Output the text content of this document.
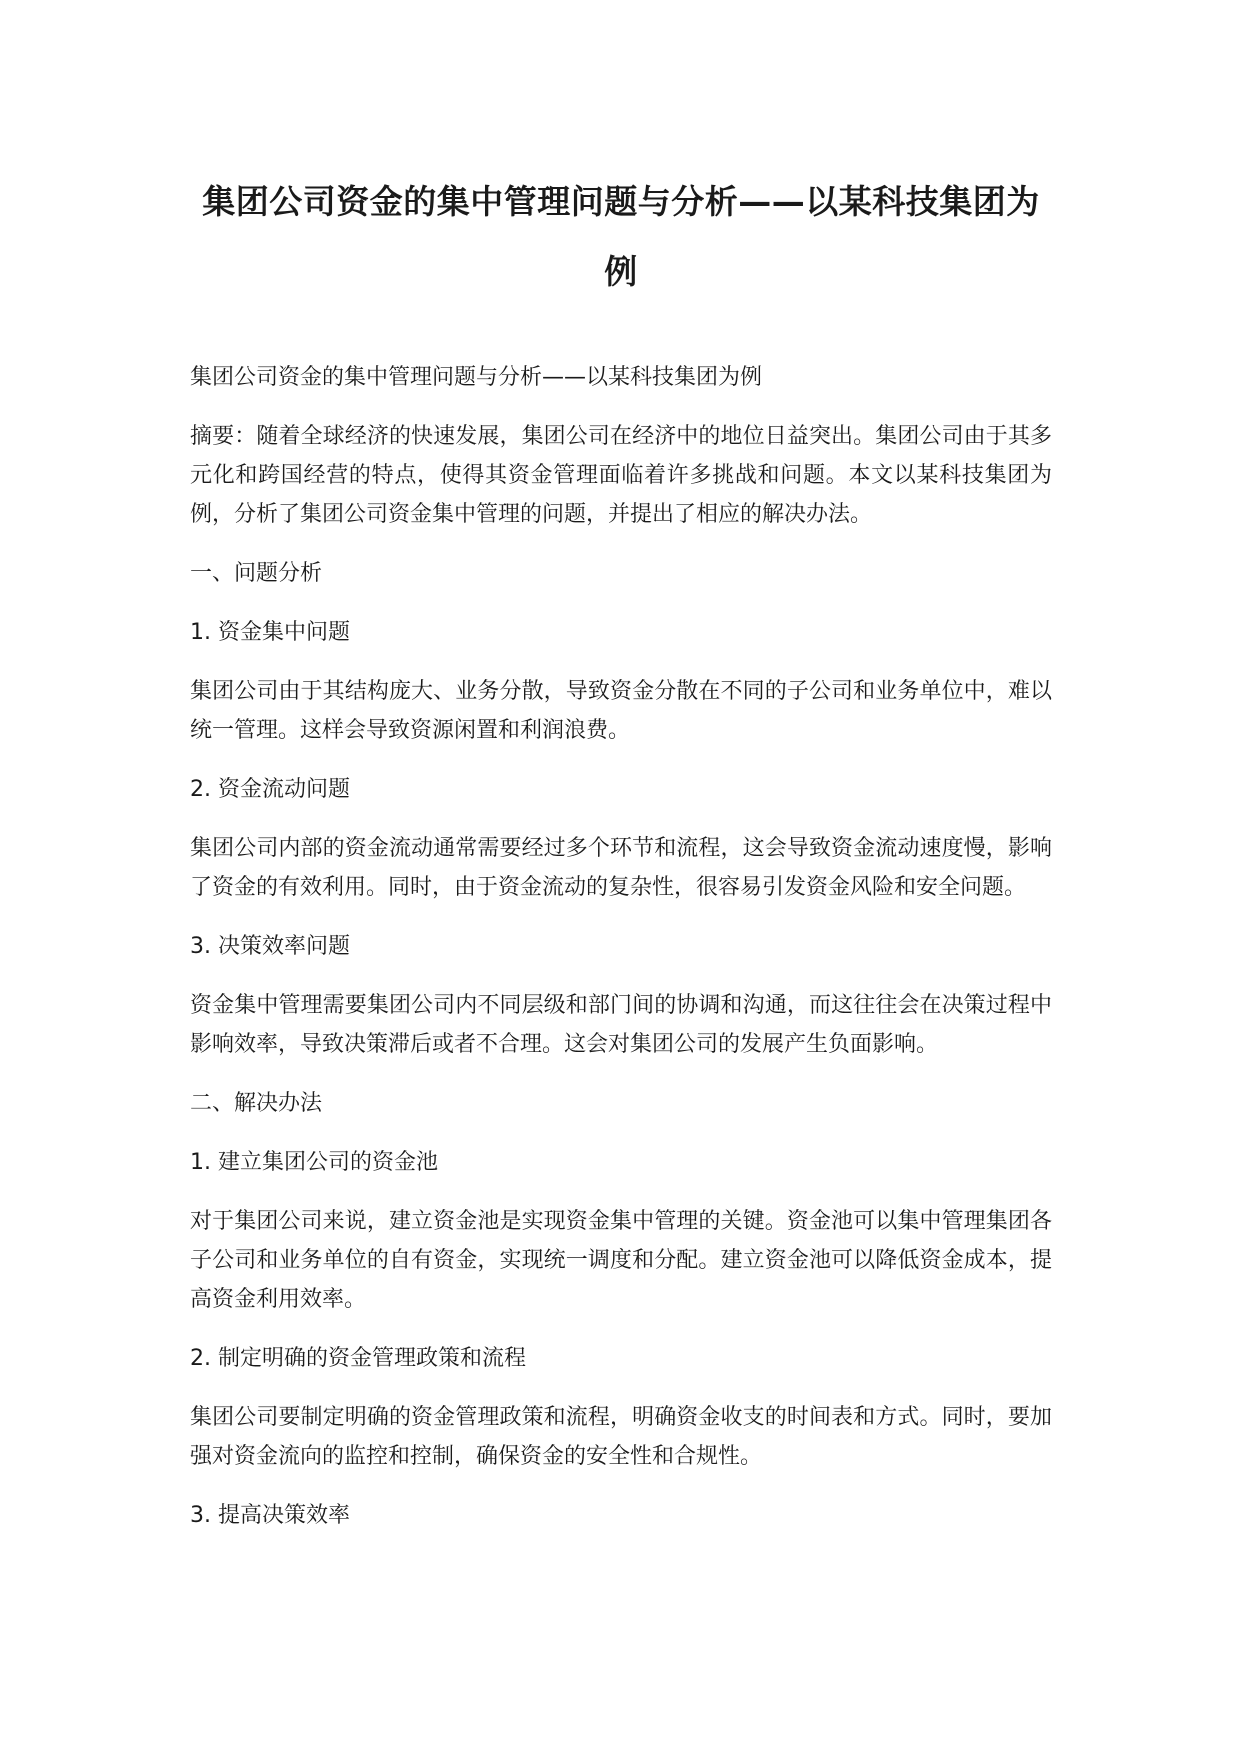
集团公司资金的集中管理问题与分析——以某科技集团为
例

集团公司资金的集中管理问题与分析——以某科技集团为例

摘要：随着全球经济的快速发展，集团公司在经济中的地位日益突出。集团公司由于其多元化和跨国经营的特点，使得其资金管理面临着许多挑战和问题。本文以某科技集团为例，分析了集团公司资金集中管理的问题，并提出了相应的解决办法。

一、问题分析

1. 资金集中问题

集团公司由于其结构庞大、业务分散，导致资金分散在不同的子公司和业务单位中，难以统一管理。这样会导致资源闲置和利润浪费。

2. 资金流动问题

集团公司内部的资金流动通常需要经过多个环节和流程，这会导致资金流动速度慢，影响了资金的有效利用。同时，由于资金流动的复杂性，很容易引发资金风险和安全问题。

3. 决策效率问题

资金集中管理需要集团公司内不同层级和部门间的协调和沟通，而这往往会在决策过程中影响效率，导致决策滞后或者不合理。这会对集团公司的发展产生负面影响。

二、解决办法

1. 建立集团公司的资金池

对于集团公司来说，建立资金池是实现资金集中管理的关键。资金池可以集中管理集团各子公司和业务单位的自有资金，实现统一调度和分配。建立资金池可以降低资金成本，提高资金利用效率。

2. 制定明确的资金管理政策和流程

集团公司要制定明确的资金管理政策和流程，明确资金收支的时间表和方式。同时，要加强对资金流向的监控和控制，确保资金的安全性和合规性。

3. 提高决策效率
